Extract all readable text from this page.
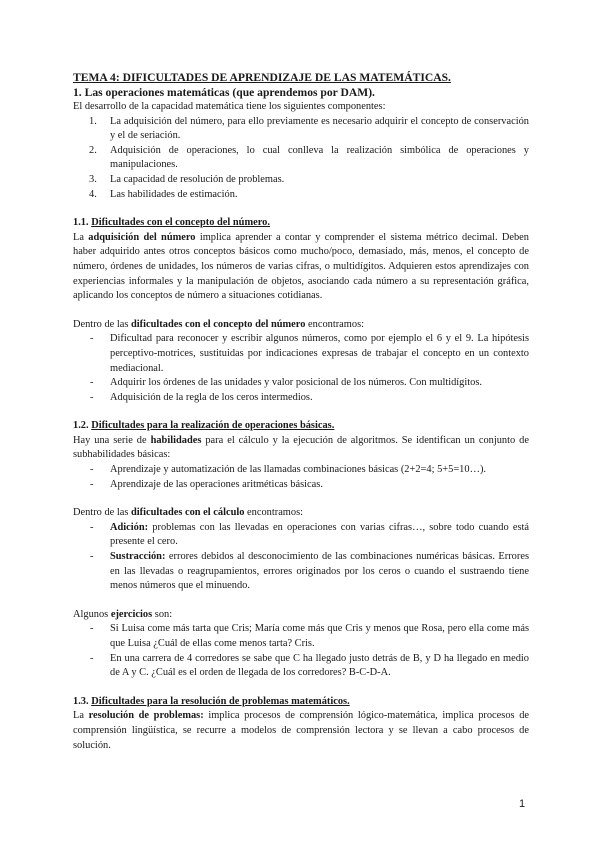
TEMA 4: DIFICULTADES DE APRENDIZAJE DE LAS MATEMÁTICAS.
1. Las operaciones matemáticas (que aprendemos por DAM).

El desarrollo de la capacidad matemática tiene los siguientes componentes:

1. La adquisición del número, para ello previamente es necesario adquirir el concepto de conservación y el de seriación.
2. Adquisición de operaciones, lo cual conlleva la realización simbólica de operaciones y manipulaciones.
3. La capacidad de resolución de problemas.
4. Las habilidades de estimación.
1.1. Dificultades con el concepto del número.

La adquisición del número implica aprender a contar y comprender el sistema métrico decimal. Deben haber adquirido antes otros conceptos básicos como mucho/poco, demasiado, más, menos, el concepto de número, órdenes de unidades, los números de varias cifras, o multidígitos. Adquieren estos aprendizajes con experiencias informales y la manipulación de objetos, asociando cada número a su representación gráfica, aplicando los conceptos de número a situaciones cotidianas.

Dentro de las dificultades con el concepto del número encontramos:

- Dificultad para reconocer y escribir algunos números, como por ejemplo el 6 y el 9. La hipótesis perceptivo-motrices, sustituidas por indicaciones expresas de trabajar el concepto en un contexto mediacional.
- Adquirir los órdenes de las unidades y valor posicional de los números. Con multidígitos.
- Adquisición de la regla de los ceros intermedios.
1.2. Dificultades para la realización de operaciones básicas.

Hay una serie de habilidades para el cálculo y la ejecución de algoritmos. Se identifican un conjunto de subhabilidades básicas:

- Aprendizaje y automatización de las llamadas combinaciones básicas (2+2=4; 5+5=10…).
- Aprendizaje de las operaciones aritméticas básicas.

Dentro de las dificultades con el cálculo encontramos:

- Adición: problemas con las llevadas en operaciones con varias cifras…, sobre todo cuando está presente el cero.
- Sustracción: errores debidos al desconocimiento de las combinaciones numéricas básicas. Errores en las llevadas o reagrupamientos, errores originados por los ceros o cuando el sustraendo tiene menos números que el minuendo.

Algunos ejercicios son:

- Si Luisa come más tarta que Cris; María come más que Cris y menos que Rosa, pero ella come más que Luisa ¿Cuál de ellas come menos tarta? Cris.
- En una carrera de 4 corredores se sabe que C ha llegado justo detrás de B, y D ha llegado en medio de A y C. ¿Cuál es el orden de llegada de los corredores? B-C-D-A.
1.3. Dificultades para la resolución de problemas matemáticos.

La resolución de problemas: implica procesos de comprensión lógico-matemática, implica procesos de comprensión lingüística, se recurre a modelos de comprensión lectora y se llevan a cabo procesos de solución.

1
